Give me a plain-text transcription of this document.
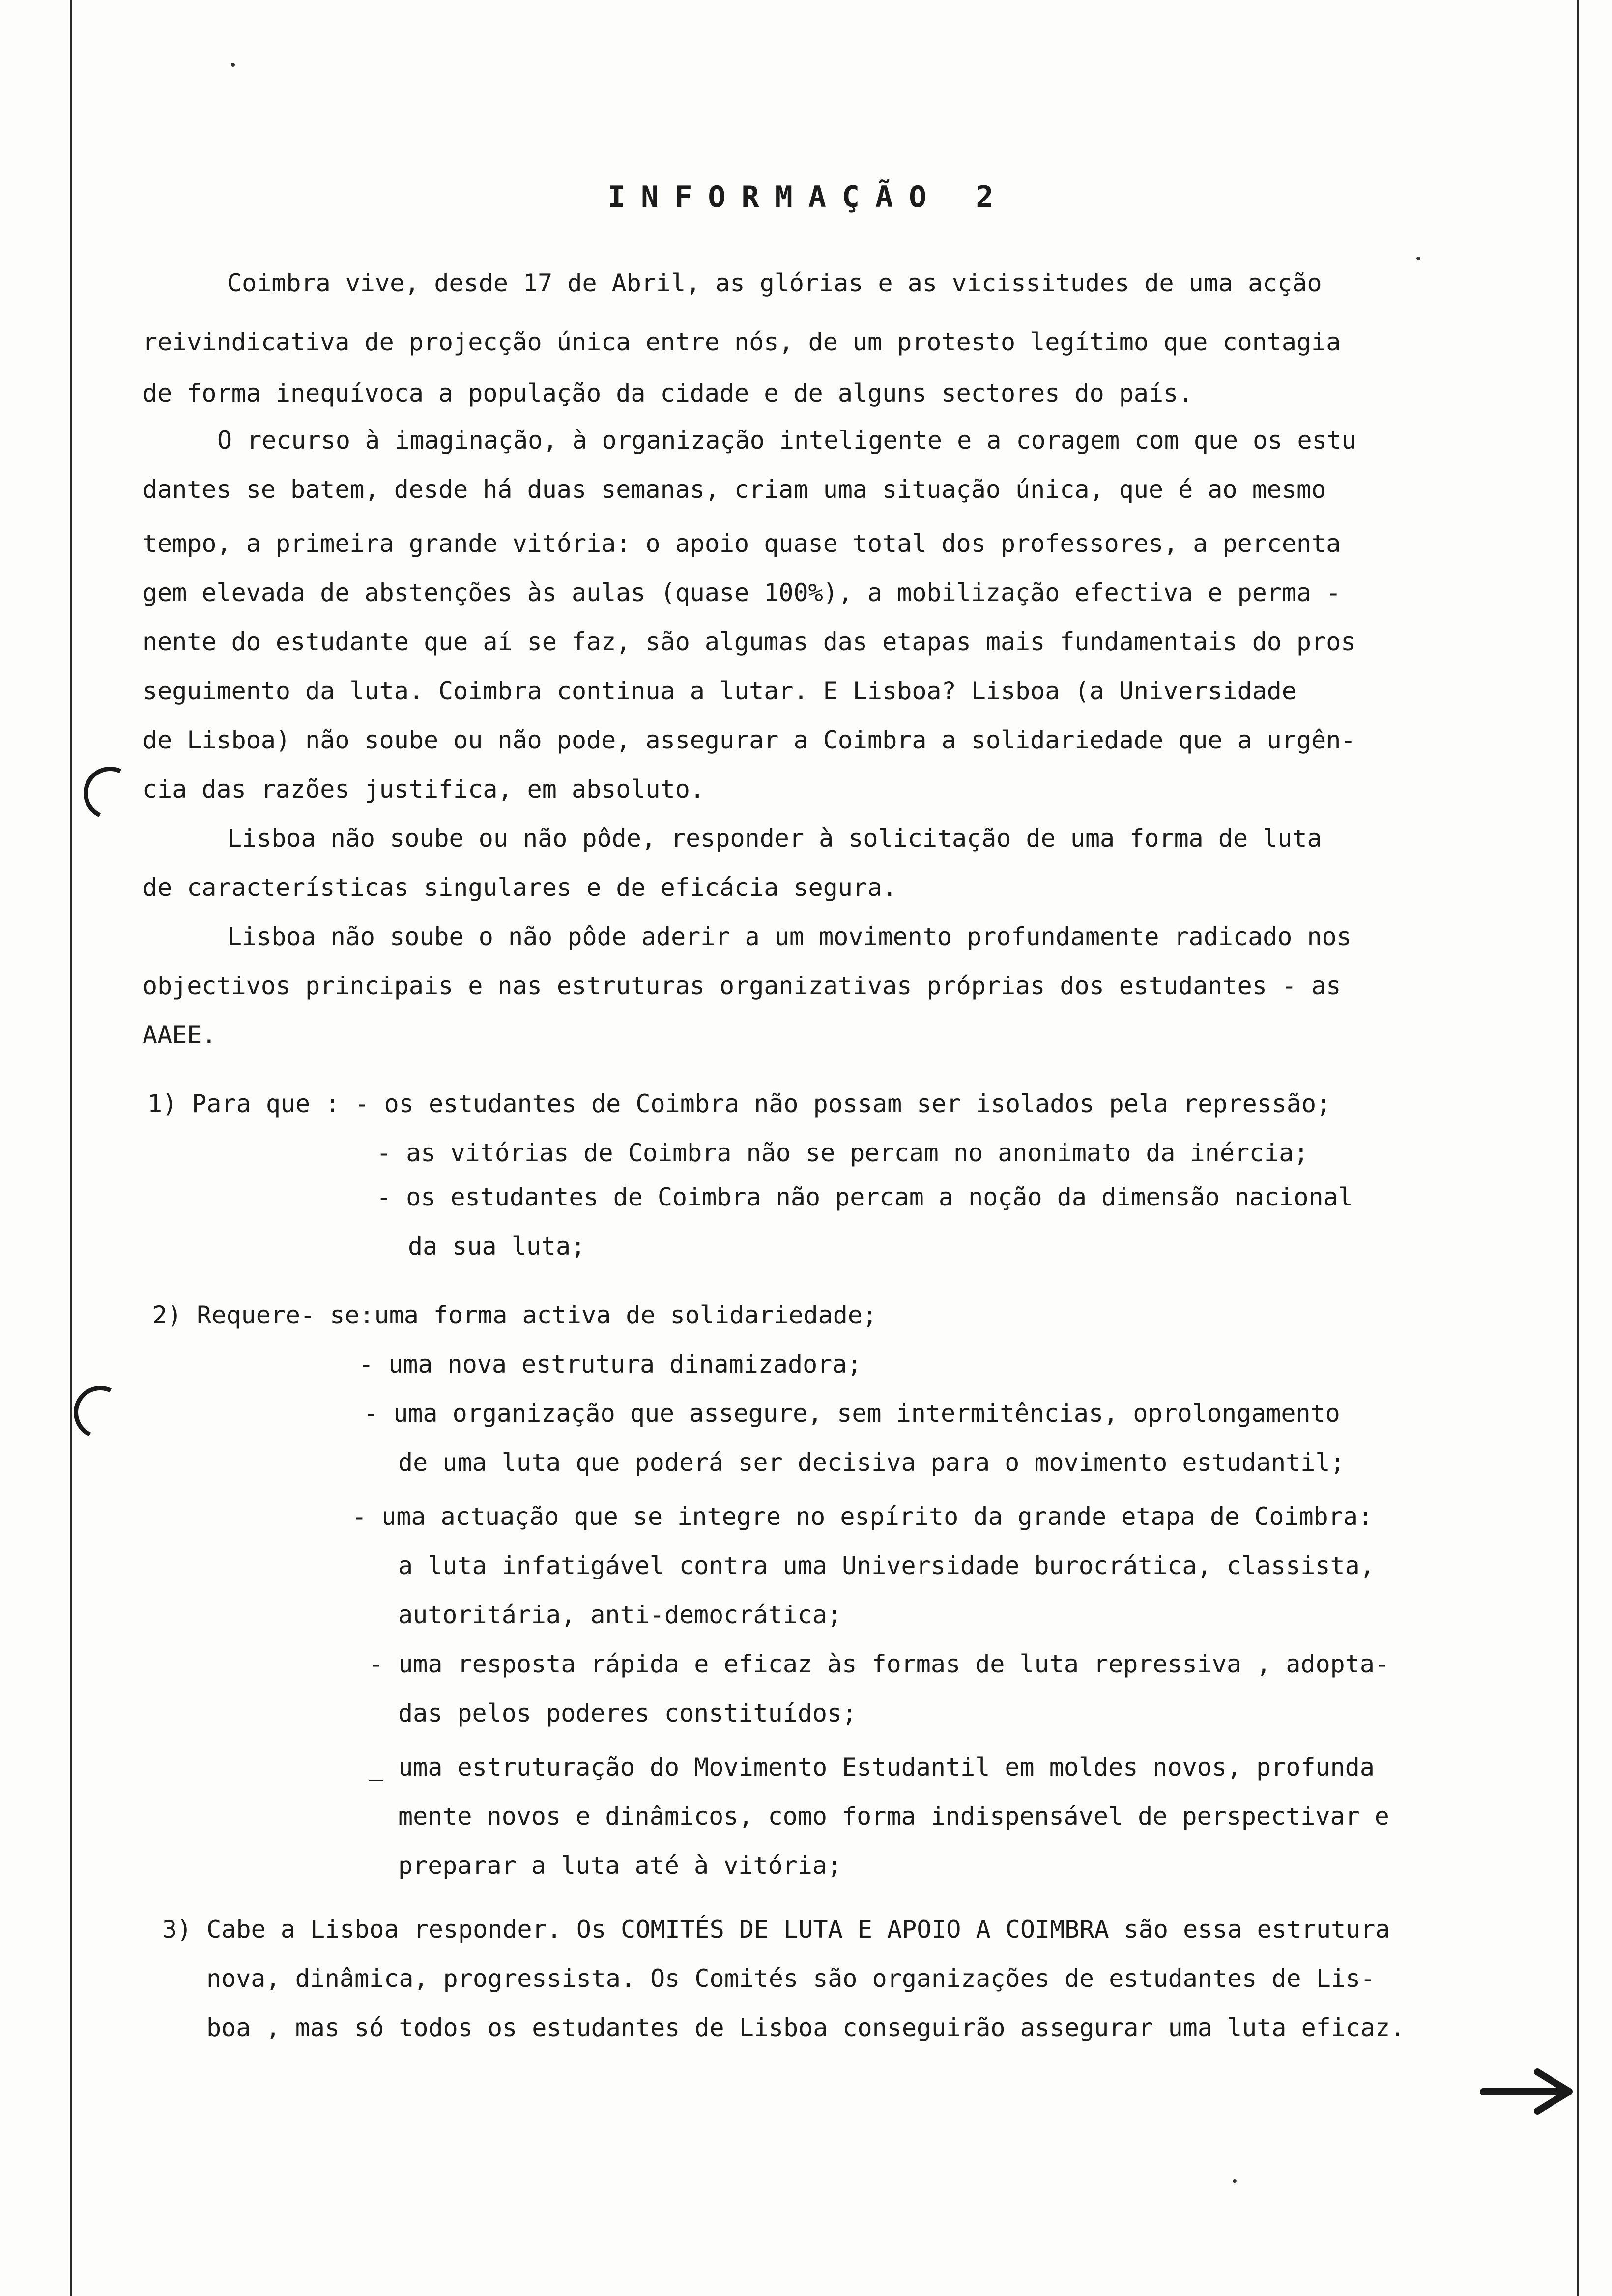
INFORMAÇÃO 2
Coimbra vive, desde 17 de Abril, as glórias e as vicissitudes de uma acção
reivindicativa de projecção única entre nós, de um protesto legítimo que contagia
de forma inequívoca a população da cidade e de alguns sectores do país.
O recurso à imaginação, à organização inteligente e a coragem com que os estu
dantes se batem, desde há duas semanas, criam uma situação única, que é ao mesmo
tempo, a primeira grande vitória: o apoio quase total dos professores, a percenta
gem elevada de abstenções às aulas (quase 100%), a mobilização efectiva e perma -
nente do estudante que aí se faz, são algumas das etapas mais fundamentais do pros
seguimento da luta. Coimbra continua a lutar. E Lisboa? Lisboa (a Universidade
de Lisboa) não soube ou não pode, assegurar a Coimbra a solidariedade que a urgên-
cia das razões justifica, em absoluto.
Lisboa não soube ou não pôde, responder à solicitação de uma forma de luta
de características singulares e de eficácia segura.
Lisboa não soube o não pôde aderir a um movimento profundamente radicado nos
objectivos principais e nas estruturas organizativas próprias dos estudantes - as
AAEE.
1) Para que : - os estudantes de Coimbra não possam ser isolados pela repressão;
- as vitórias de Coimbra não se percam no anonimato da inércia;
- os estudantes de Coimbra não percam a noção da dimensão nacional
da sua luta;
2) Requere- se:uma forma activa de solidariedade;
- uma nova estrutura dinamizadora;
- uma organização que assegure, sem intermitências, oprolongamento
de uma luta que poderá ser decisiva para o movimento estudantil;
- uma actuação que se integre no espírito da grande etapa de Coimbra:
a luta infatigável contra uma Universidade burocrática, classista,
autoritária, anti-democrática;
- uma resposta rápida e eficaz às formas de luta repressiva , adopta-
das pelos poderes constituídos;
_ uma estruturação do Movimento Estudantil em moldes novos, profunda
mente novos e dinâmicos, como forma indispensável de perspectivar e
preparar a luta até à vitória;
3) Cabe a Lisboa responder. Os COMITÉS DE LUTA E APOIO A COIMBRA são essa estrutura
nova, dinâmica, progressista. Os Comités são organizações de estudantes de Lis-
boa , mas só todos os estudantes de Lisboa conseguirão assegurar uma luta eficaz.
